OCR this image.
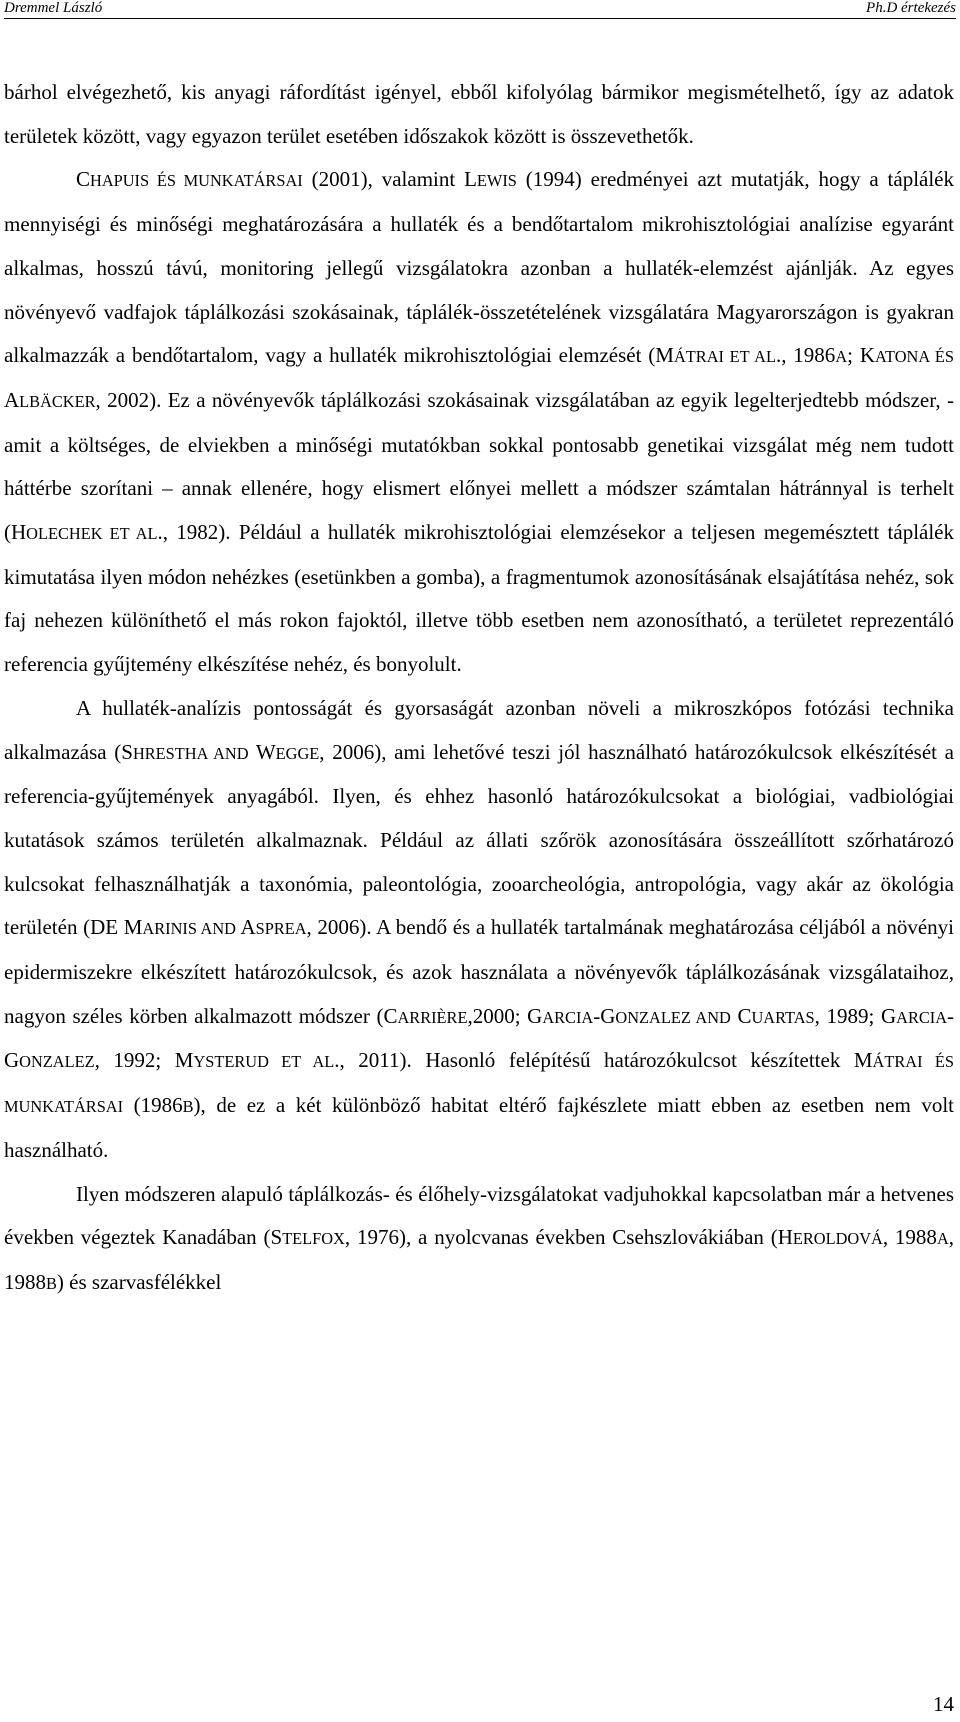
Dremmel László	Ph.D értekezés

bárhol elvégezhető, kis anyagi ráfordítást igényel, ebből kifolyólag bármikor megismételhető, így az adatok területek között, vagy egyazon terület esetében időszakok között is összevethetők.

CHAPUIS ÉS MUNKATÁRSAI (2001), valamint LEWIS (1994) eredményei azt mutatják, hogy a táplálék mennyiségi és minőségi meghatározására a hullaték és a bendőtartalom mikrohisztológiai analízise egyaránt alkalmas, hosszú távú, monitoring jellegű vizsgálatokra azonban a hullaték-elemzést ajánlják. Az egyes növényevő vadfajok táplálkozási szokásainak, táplálék-összetételének vizsgálatára Magyarországon is gyakran alkalmazzák a bendőtartalom, vagy a hullaték mikrohisztológiai elemzését (MÁTRAI ET AL., 1986A; KATONA ÉS ALBÄCKER, 2002). Ez a növényevők táplálkozási szokásainak vizsgálatában az egyik legelterjedtebb módszer, - amit a költséges, de elviekben a minőségi mutatókban sokkal pontosabb genetikai vizsgálat még nem tudott háttérbe szorítani ‒ annak ellenére, hogy elismert előnyei mellett a módszer számtalan hátránnyal is terhelt (HOLECHEK ET AL., 1982). Például a hullaték mikrohisztológiai elemzésekor a teljesen megemésztett táplálék kimutatása ilyen módon nehézkes (esetünkben a gomba), a fragmentumok azonosításának elsajátítása nehéz, sok faj nehezen különíthető el más rokon fajoktól, illetve több esetben nem azonosítható, a területet reprezentáló referencia gyűjtemény elkészítése nehéz, és bonyolult.

A hullaték-analízis pontosságát és gyorsaságát azonban növeli a mikroszkópos fotózási technika alkalmazása (SHRESTHA AND WEGGE, 2006), ami lehetővé teszi jól használható határozókulcsok elkészítését a referencia-gyűjtemények anyagából. Ilyen, és ehhez hasonló határozókulcsokat a biológiai, vadbiológiai kutatások számos területén alkalmaznak. Például az állati szőrök azonosítására összeállított szőrhatározó kulcsokat felhasználhatják a taxonómia, paleontológia, zooarcheológia, antropológia, vagy akár az ökológia területén (DE MARINIS AND ASPREA, 2006). A bendő és a hullaték tartalmának meghatározása céljából a növényi epidermiszekre elkészített határozókulcsok, és azok használata a növényevők táplálkozásának vizsgálataihoz, nagyon széles körben alkalmazott módszer (CARRIÈRE,2000; GARCIA-GONZALEZ AND CUARTAS, 1989; GARCIA-GONZALEZ, 1992; MYSTERUD ET AL., 2011). Hasonló felépítésű határozókulcsot készítettek MÁTRAI ÉS MUNKATÁRSAI (1986B), de ez a két különböző habitat eltérő fajkészlete miatt ebben az esetben nem volt használható.

Ilyen módszeren alapuló táplálkozás- és élőhely-vizsgálatokat vadjuhokkal kapcsolatban már a hetvenes években végeztek Kanadában (STELFOX, 1976), a nyolcvanas években Csehszlovákiában (HEROLDOVÁ, 1988A, 1988B) és szarvasfélékkel

14
